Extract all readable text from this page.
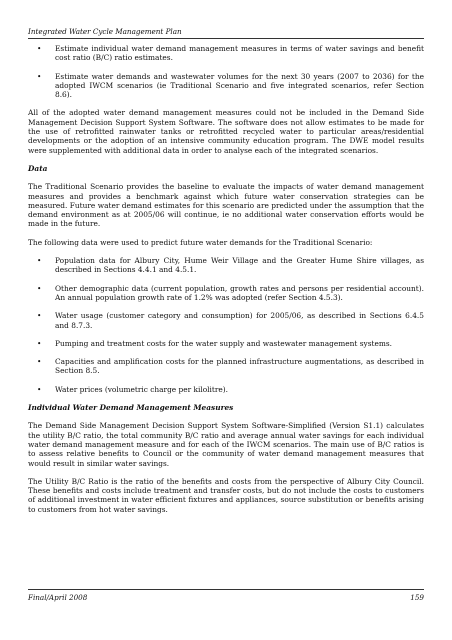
Integrated Water Cycle Management Plan
• Estimate individual water demand management measures in terms of water savings and benefit cost ratio (B/C) ratio estimates.
• Estimate water demands and wastewater volumes for the next 30 years (2007 to 2036) for the adopted IWCM scenarios (ie Traditional Scenario and five integrated scenarios, refer Section 8.6).

All of the adopted water demand management measures could not be included in the Demand Side Management Decision Support System Software. The software does not allow estimates to be made for the use of retrofitted rainwater tanks or retrofitted recycled water to particular areas/residential developments or the adoption of an intensive community education program. The DWE model results were supplemented with additional data in order to analyse each of the integrated scenarios.

Data

The Traditional Scenario provides the baseline to evaluate the impacts of water demand management measures and provides a benchmark against which future water conservation strategies can be measured. Future water demand estimates for this scenario are predicted under the assumption that the demand environment as at 2005/06 will continue, ie no additional water conservation efforts would be made in the future.

The following data were used to predict future water demands for the Traditional Scenario:

• Population data for Albury City, Hume Weir Village and the Greater Hume Shire villages, as described in Sections 4.4.1 and 4.5.1.
• Other demographic data (current population, growth rates and persons per residential account). An annual population growth rate of 1.2% was adopted (refer Section 4.5.3).
• Water usage (customer category and consumption) for 2005/06, as described in Sections 6.4.5 and 8.7.3.
• Pumping and treatment costs for the water supply and wastewater management systems.
• Capacities and amplification costs for the planned infrastructure augmentations, as described in Section 8.5.
• Water prices (volumetric charge per kilolitre).
Individual Water Demand Management Measures

The Demand Side Management Decision Support System Software-Simplified (Version S1.1) calculates the utility B/C ratio, the total community B/C ratio and average annual water savings for each individual water demand management measure and for each of the IWCM scenarios. The main use of B/C ratios is to assess relative benefits to Council or the community of water demand management measures that would result in similar water savings.

The Utility B/C Ratio is the ratio of the benefits and costs from the perspective of Albury City Council. These benefits and costs include treatment and transfer costs, but do not include the costs to customers of additional investment in water efficient fixtures and appliances, source substitution or benefits arising to customers from hot water savings.

Final/April 2008	159
